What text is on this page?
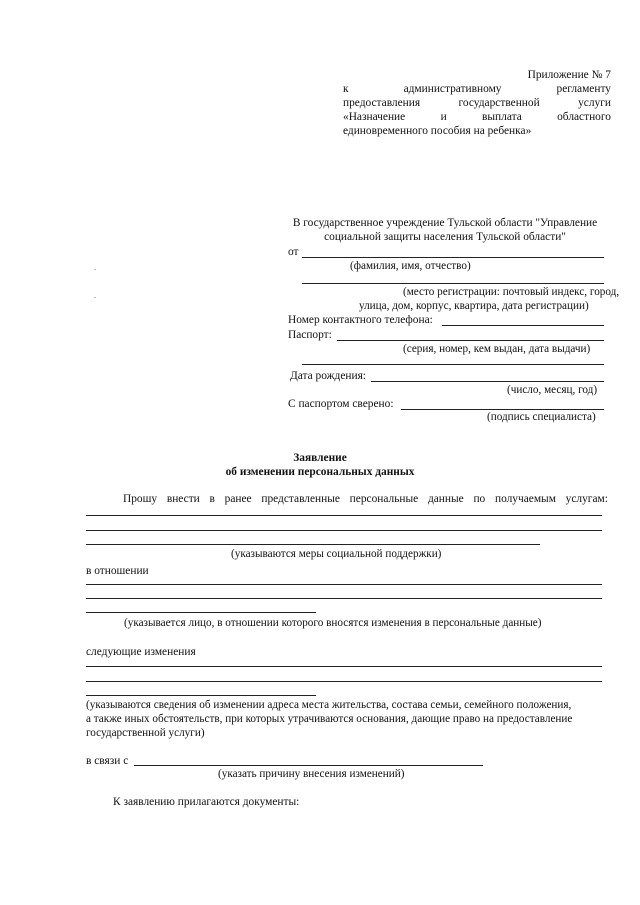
Приложение № 7
к	административному	регламенту
предоставления	государственной	услуги
«Назначение	и	выплата	областного
единовременного пособия на ребенка»
В государственное учреждение Тульской области "Управление
социальной защиты населения Тульской области"
от
(фамилия, имя, отчество)
(место регистрации: почтовый индекс, город,
улица, дом, корпус, квартира, дата регистрации)
Номер контактного телефона:
Паспорт:
(серия, номер, кем выдан, дата выдачи)
Дата рождения:
(число, месяц, год)
С паспортом сверено:
(подпись специалиста)
Заявление
об изменении персональных данных
Прошу внести в ранее представленные персональные данные по получаемым услугам:
(указываются меры социальной поддержки)
в отношении
(указывается лицо, в отношении которого вносятся изменения в персональные данные)
следующие изменения
(указываются сведения об изменении адреса места жительства, состава семьи, семейного положения,
а также иных обстоятельств, при которых утрачиваются основания, дающие право на предоставление
государственной услуги)
в связи с
(указать причину внесения изменений)
К заявлению прилагаются документы:
